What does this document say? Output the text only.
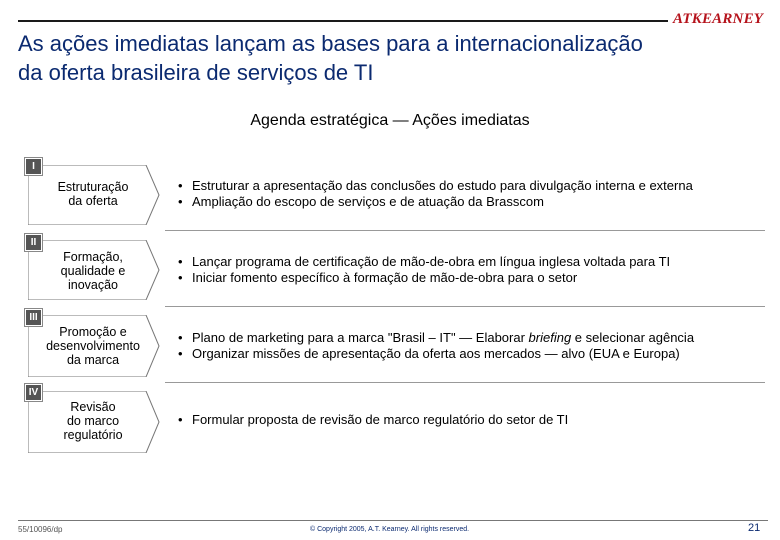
ATKEARNEY
As ações imediatas lançam as bases para a internacionalização
da oferta brasileira de serviços de TI
Agenda estratégica — Ações imediatas
I
Estruturação
da oferta
• Estruturar a apresentação das conclusões do estudo para divulgação interna e externa
• Ampliação do escopo de serviços e de atuação da Brasscom
II
Formação,
qualidade e
inovação
• Lançar programa de certificação de mão-de-obra em língua inglesa voltada para TI
• Iniciar fomento específico à formação de mão-de-obra para o setor
III
Promoção e
desenvolvimento
da marca
• Plano de marketing para a marca "Brasil – IT" — Elaborar briefing e selecionar agência
• Organizar missões de apresentação da oferta aos mercados — alvo (EUA e Europa)
IV
Revisão
do marco
regulatório
• Formular proposta de revisão de marco regulatório do setor de TI
55/10096/dp	© Copyright 2005, A.T. Kearney. All rights reserved.	21
